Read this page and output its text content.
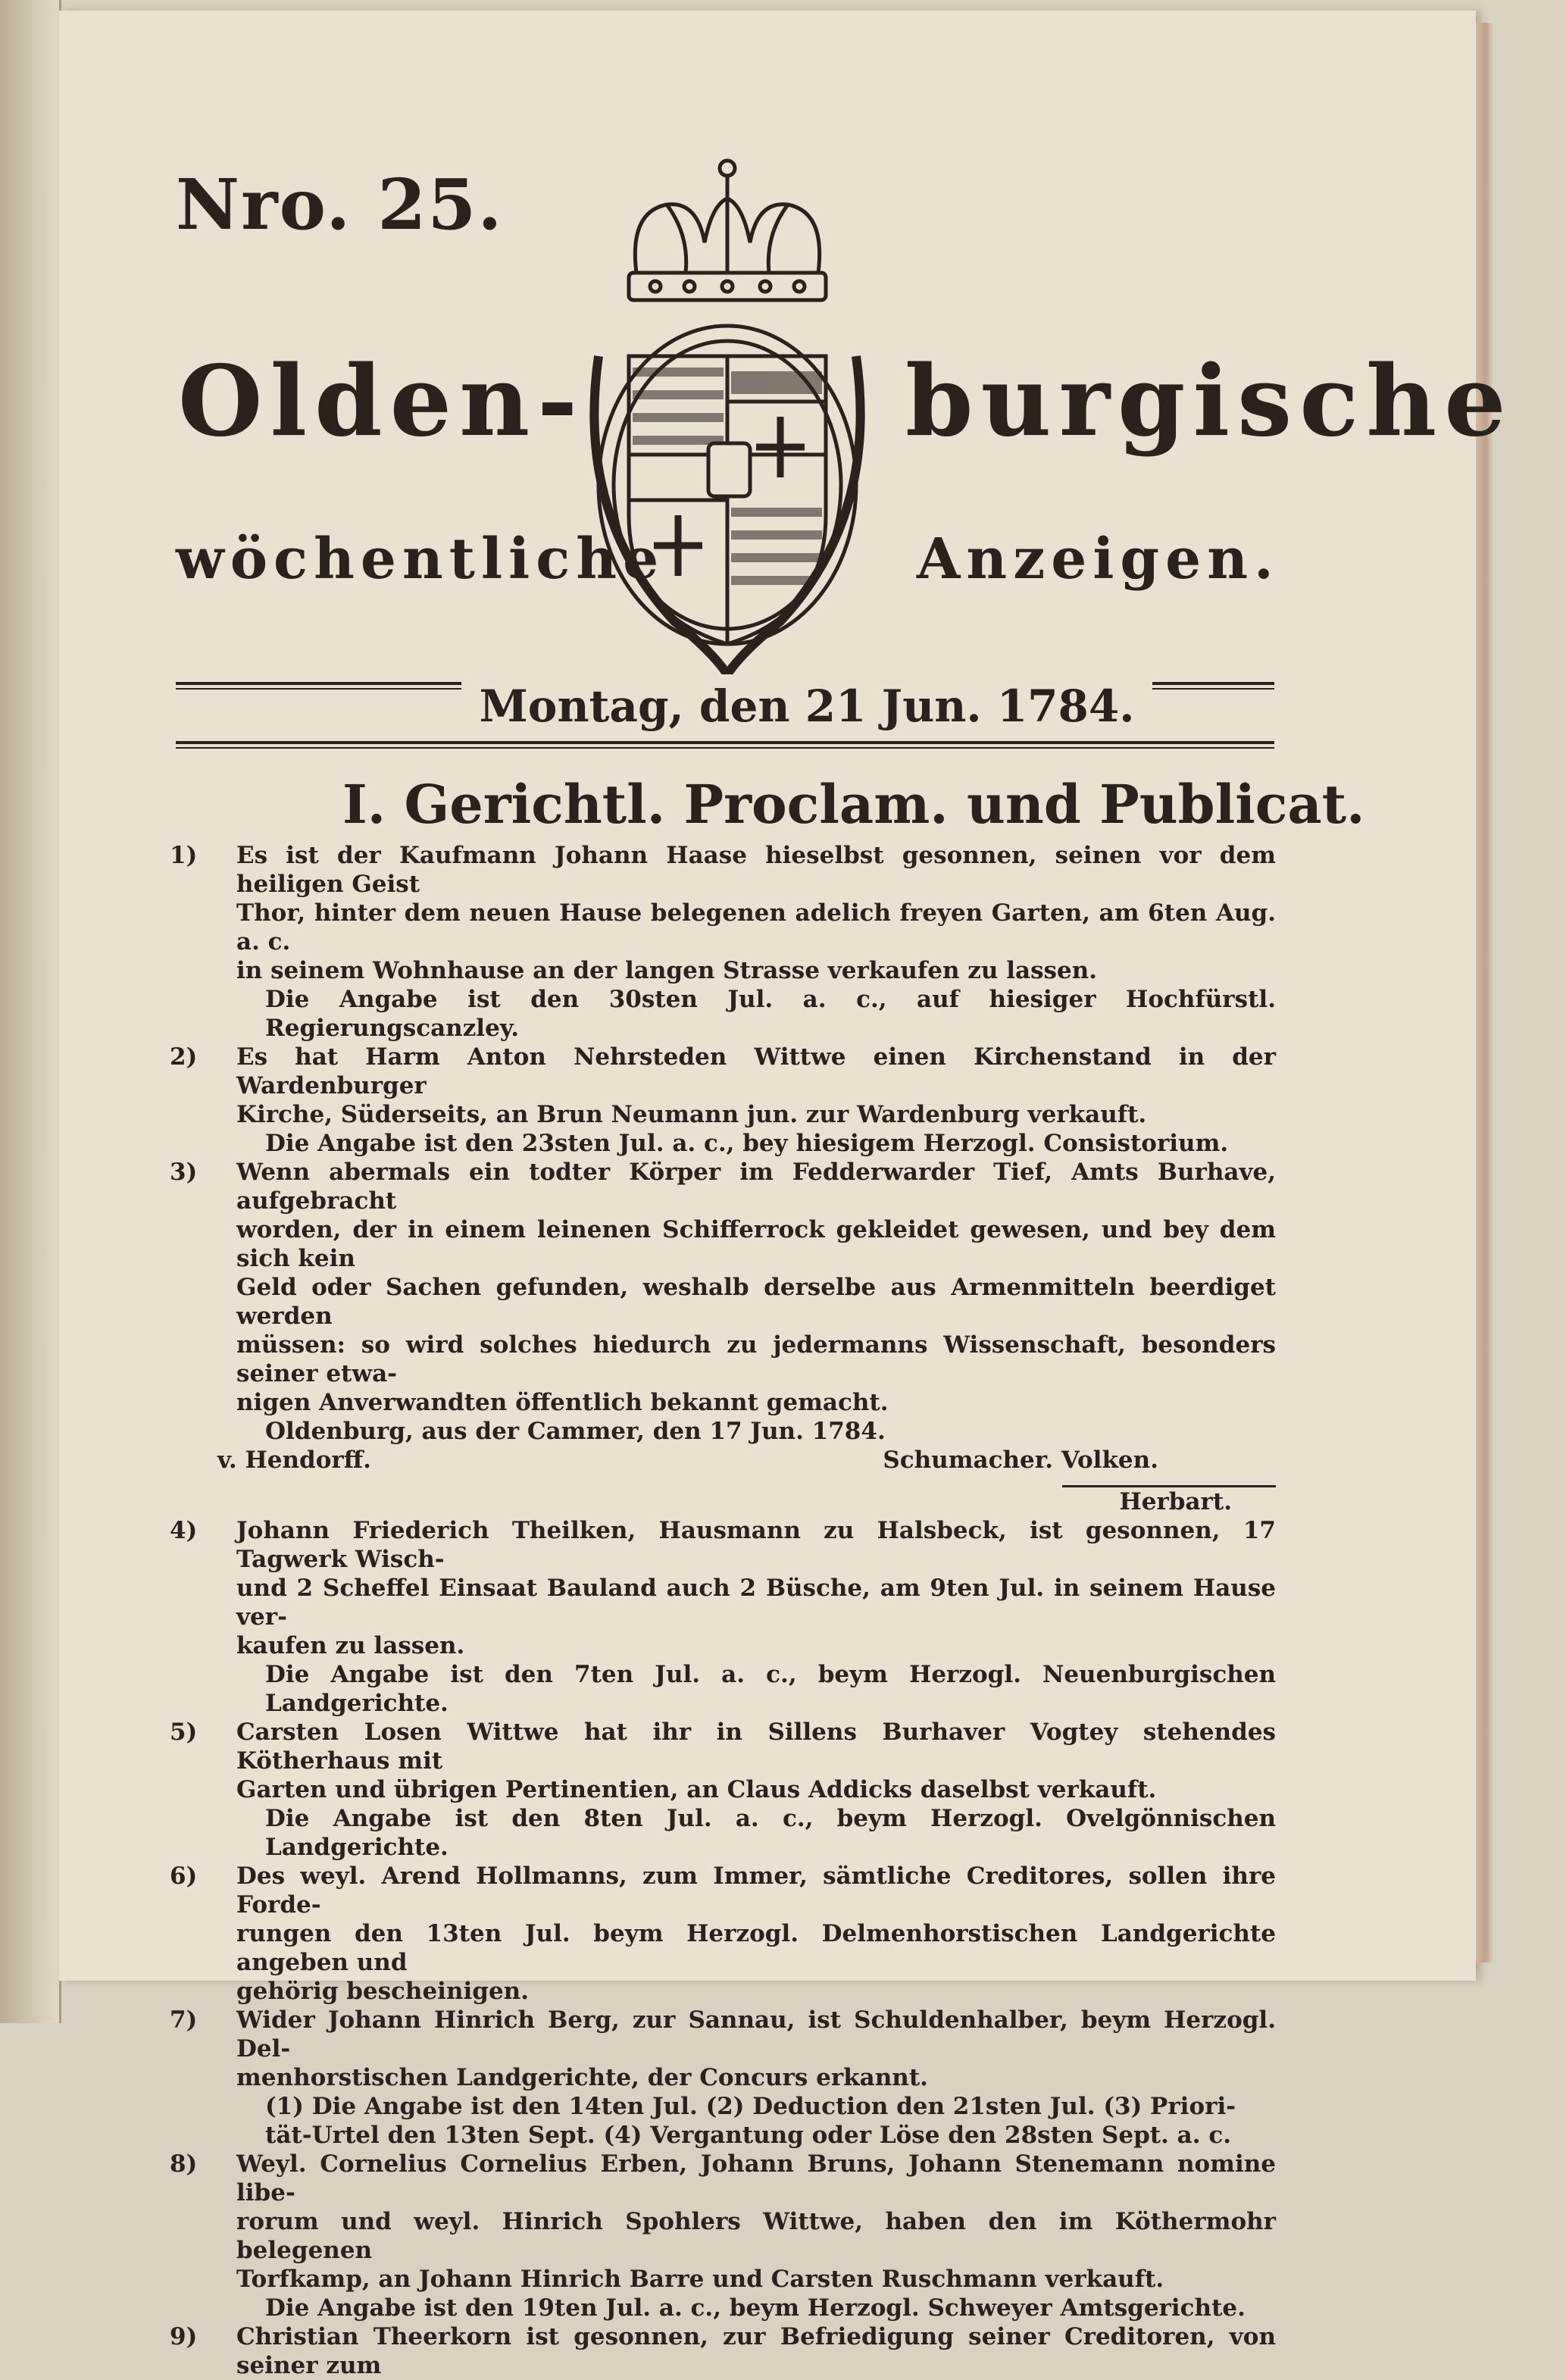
Nro. 25.
Olden-	burgische
wöchentliche	Anzeigen.
Montag, den 21 Jun. 1784.
I. Gerichtl. Proclam. und Publicat.
1)	Es ist der Kaufmann Johann Haase hieselbst gesonnen, seinen vor dem heiligen Geist
Thor, hinter dem neuen Hause belegenen adelich freyen Garten, am 6ten Aug. a. c.
in seinem Wohnhause an der langen Strasse verkaufen zu lassen.
Die Angabe ist den 30sten Jul. a. c., auf hiesiger Hochfürstl. Regierungscanzley.
2)	Es hat Harm Anton Nehrsteden Wittwe einen Kirchenstand in der Wardenburger
Kirche, Süderseits, an Brun Neumann jun. zur Wardenburg verkauft.
Die Angabe ist den 23sten Jul. a. c., bey hiesigem Herzogl. Consistorium.
3)	Wenn abermals ein todter Körper im Fedderwarder Tief, Amts Burhave, aufgebracht
worden, der in einem leinenen Schifferrock gekleidet gewesen, und bey dem sich kein
Geld oder Sachen gefunden, weshalb derselbe aus Armenmitteln beerdiget werden
müssen: so wird solches hiedurch zu jedermanns Wissenschaft, besonders seiner etwa-
nigen Anverwandten öffentlich bekannt gemacht.
Oldenburg, aus der Cammer, den 17 Jun. 1784.
v. Hendorff.	Schumacher. Volken.
Herbart.
4)	Johann Friederich Theilken, Hausmann zu Halsbeck, ist gesonnen, 17 Tagwerk Wisch-
und 2 Scheffel Einsaat Bauland auch 2 Büsche, am 9ten Jul. in seinem Hause ver-
kaufen zu lassen.
Die Angabe ist den 7ten Jul. a. c., beym Herzogl. Neuenburgischen Landgerichte.
5)	Carsten Losen Wittwe hat ihr in Sillens Burhaver Vogtey stehendes Kötherhaus mit
Garten und übrigen Pertinentien, an Claus Addicks daselbst verkauft.
Die Angabe ist den 8ten Jul. a. c., beym Herzogl. Ovelgönnischen Landgerichte.
6)	Des weyl. Arend Hollmanns, zum Immer, sämtliche Creditores, sollen ihre Forde-
rungen den 13ten Jul. beym Herzogl. Delmenhorstischen Landgerichte angeben und
gehörig bescheinigen.
7)	Wider Johann Hinrich Berg, zur Sannau, ist Schuldenhalber, beym Herzogl. Del-
menhorstischen Landgerichte, der Concurs erkannt.
(1) Die Angabe ist den 14ten Jul. (2) Deduction den 21sten Jul. (3) Priori-
tät-Urtel den 13ten Sept. (4) Vergantung oder Löse den 28sten Sept. a. c.
8)	Weyl. Cornelius Cornelius Erben, Johann Bruns, Johann Stenemann nomine libe-
rorum und weyl. Hinrich Spohlers Wittwe, haben den im Köthermohr belegenen
Torfkamp, an Johann Hinrich Barre und Carsten Ruschmann verkauft.
Die Angabe ist den 19ten Jul. a. c., beym Herzogl. Schweyer Amtsgerichte.
9)	Christian Theerkorn ist gesonnen, zur Befriedigung seiner Creditoren, von seiner zum
